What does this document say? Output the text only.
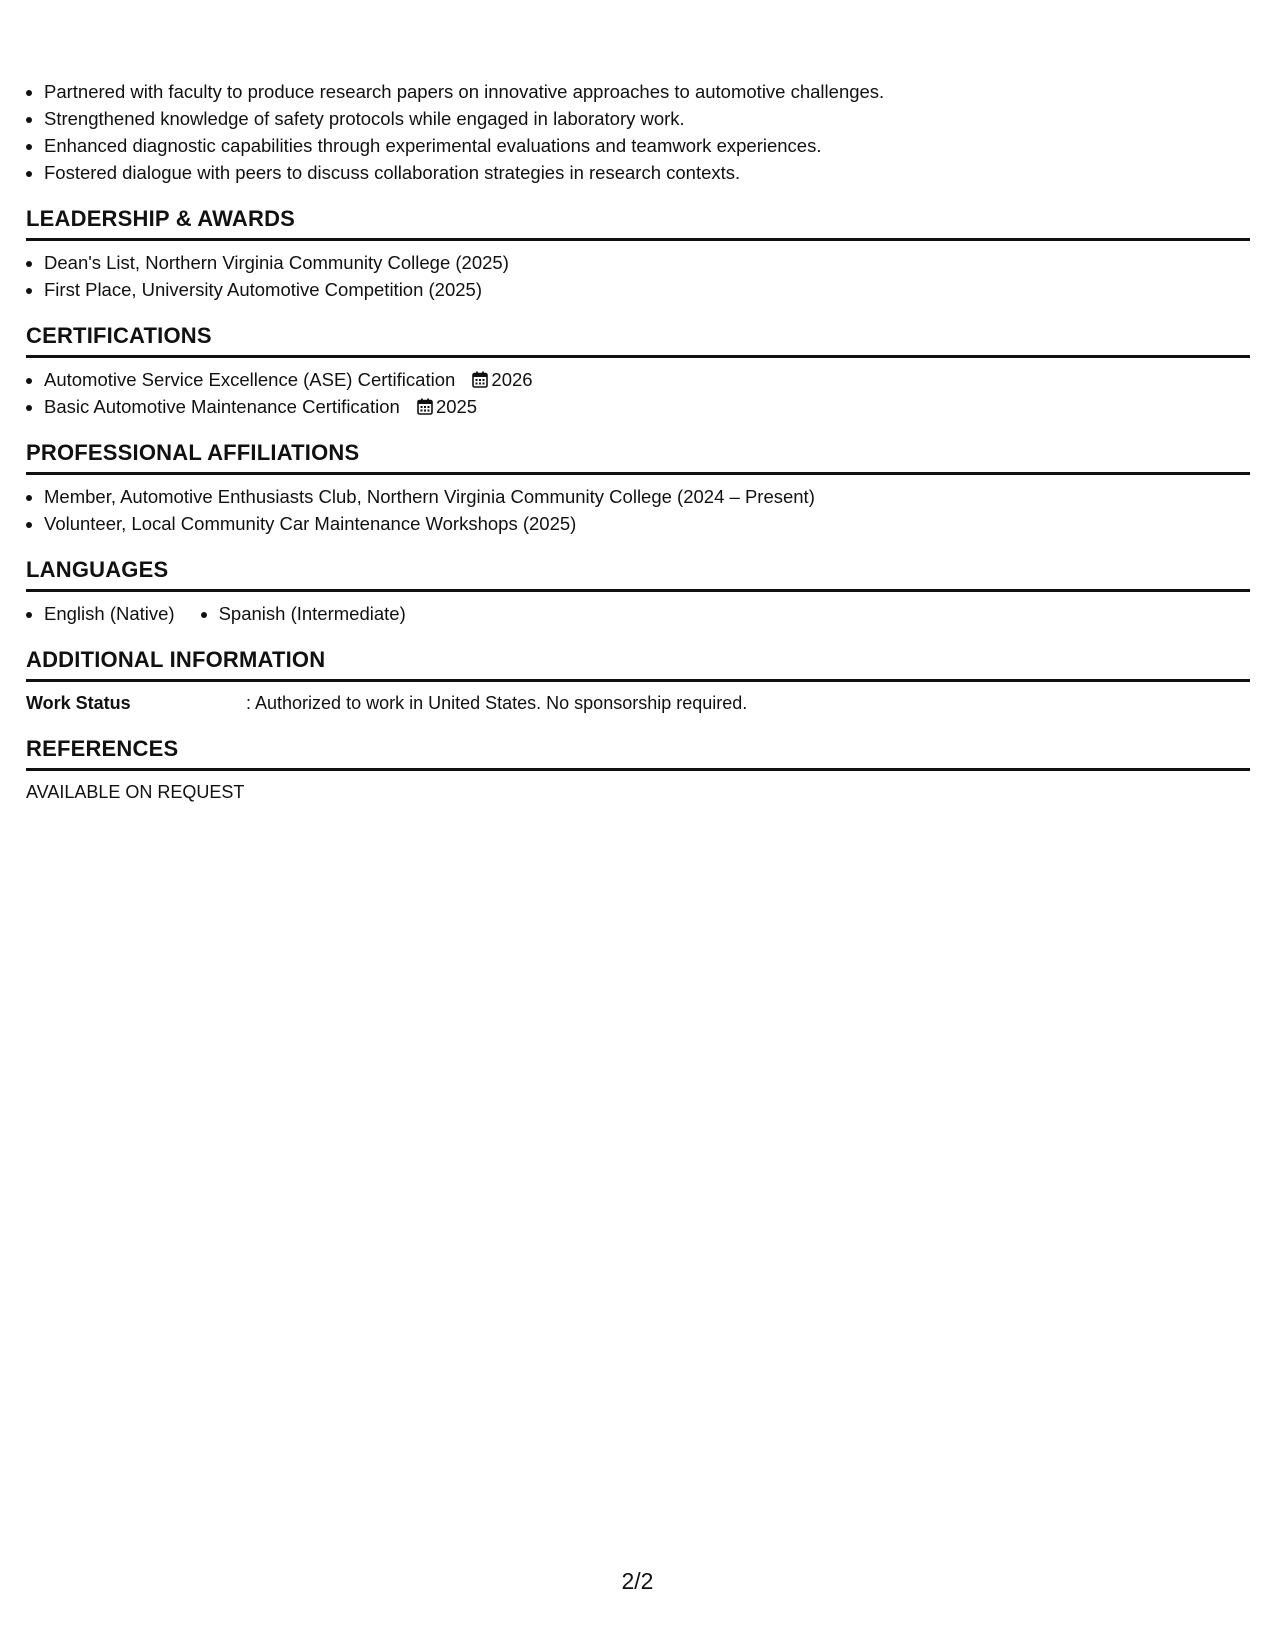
• Partnered with faculty to produce research papers on innovative approaches to automotive challenges.
• Strengthened knowledge of safety protocols while engaged in laboratory work.
• Enhanced diagnostic capabilities through experimental evaluations and teamwork experiences.
• Fostered dialogue with peers to discuss collaboration strategies in research contexts.
LEADERSHIP & AWARDS
• Dean's List, Northern Virginia Community College (2025)
• First Place, University Automotive Competition (2025)
CERTIFICATIONS
• Automotive Service Excellence (ASE) Certification 2026
• Basic Automotive Maintenance Certification 2025
PROFESSIONAL AFFILIATIONS
• Member, Automotive Enthusiasts Club, Northern Virginia Community College (2024 – Present)
• Volunteer, Local Community Car Maintenance Workshops (2025)
LANGUAGES
• English (Native)
• Spanish (Intermediate)
ADDITIONAL INFORMATION
Work Status	: Authorized to work in United States. No sponsorship required.
REFERENCES
AVAILABLE ON REQUEST
2/2
